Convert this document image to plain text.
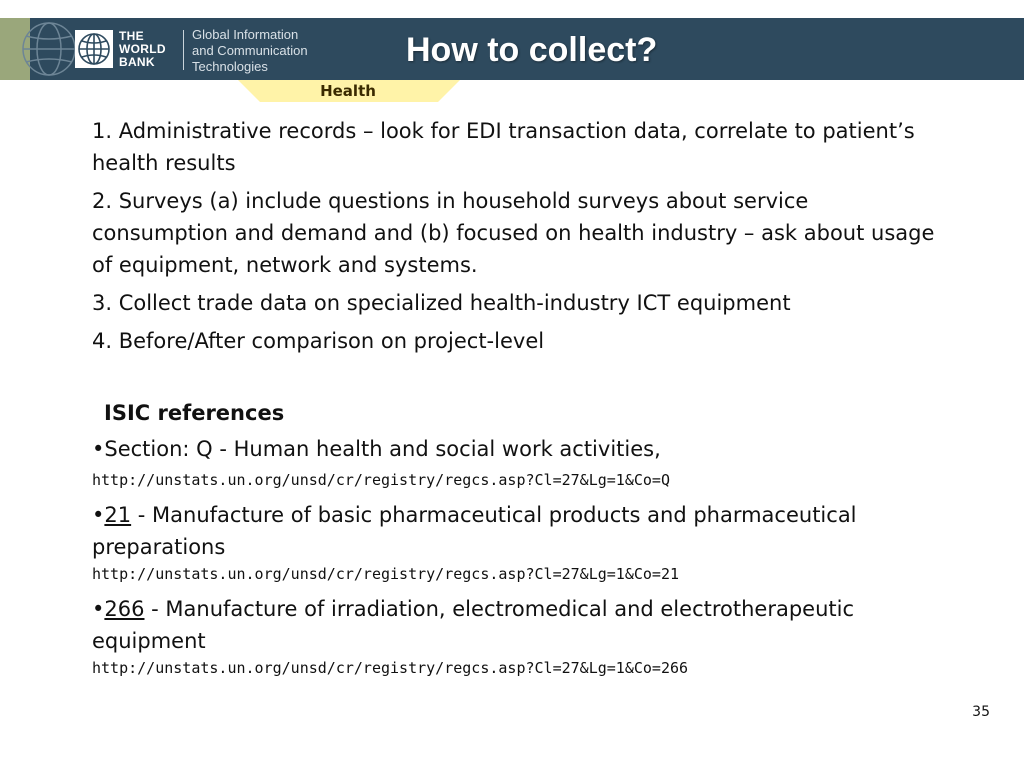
THE
WORLD
BANK
Global Information
and Communication
Technologies	How to collect?
Health

1. Administrative records – look for EDI transaction data, correlate to patient’s health results

2. Surveys (a) include questions in household surveys about service consumption and demand and (b) focused on health industry – ask about usage of equipment, network and systems.

3. Collect trade data on specialized health-industry ICT equipment

4. Before/After comparison on project-level

ISIC references

•Section: Q - Human health and social work activities,

http://unstats.un.org/unsd/cr/registry/regcs.asp?Cl=27&Lg=1&Co=Q

•21 - Manufacture of basic pharmaceutical products and pharmaceutical preparations

http://unstats.un.org/unsd/cr/registry/regcs.asp?Cl=27&Lg=1&Co=21

•266 - Manufacture of irradiation, electromedical and electrotherapeutic equipment

http://unstats.un.org/unsd/cr/registry/regcs.asp?Cl=27&Lg=1&Co=266
35
